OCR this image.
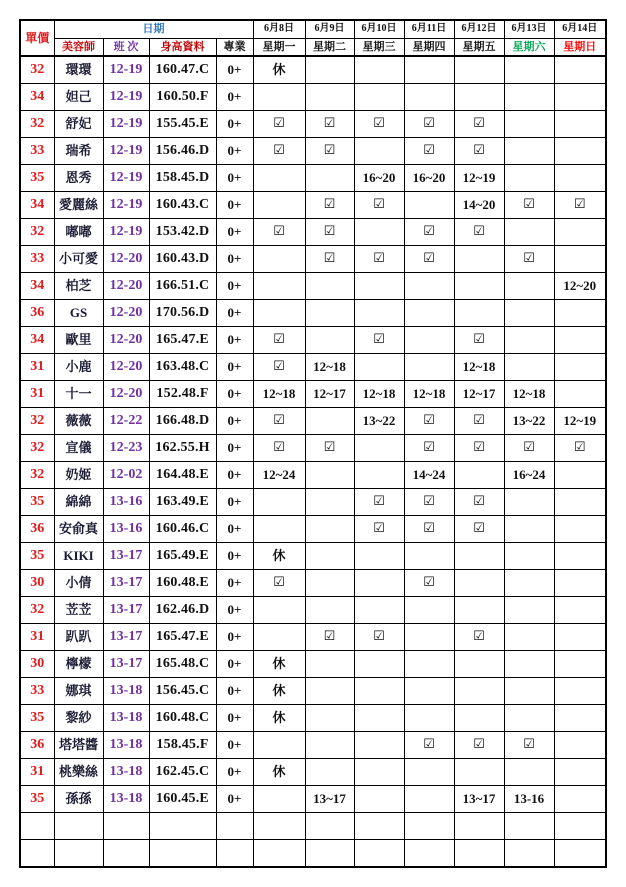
單價	日期				6月8日	6月9日	6月10日	6月11日	6月12日	6月13日	6月14日
	美容師	班 次	身高資料	專業	星期一	星期二	星期三	星期四	星期五	星期六	星期日
32	環環	12-19	160.47.C	0+	休						
34	妲己	12-19	160.50.F	0+							
32	舒妃	12-19	155.45.E	0+	☑	☑	☑	☑	☑		
33	瑞希	12-19	156.46.D	0+	☑	☑		☑	☑		
35	恩秀	12-19	158.45.D	0+			16~20	16~20	12~19		
34	愛麗絲	12-19	160.43.C	0+		☑	☑		14~20	☑	☑
32	嘟嘟	12-19	153.42.D	0+	☑	☑		☑	☑		
33	小可愛	12-20	160.43.D	0+		☑	☑	☑		☑	
34	柏芝	12-20	166.51.C	0+							12~20
36	GS	12-20	170.56.D	0+							
34	歐里	12-20	165.47.E	0+	☑		☑		☑		
31	小鹿	12-20	163.48.C	0+	☑	12~18			12~18		
31	十一	12-20	152.48.F	0+	12~18	12~17	12~18	12~18	12~17	12~18	
32	薇薇	12-22	166.48.D	0+	☑		13~22	☑	☑	13~22	12~19
32	宣儀	12-23	162.55.H	0+	☑	☑		☑	☑	☑	☑
32	奶姬	12-02	164.48.E	0+	12~24			14~24		16~24	
35	綿綿	13-16	163.49.E	0+			☑	☑	☑		
36	安俞真	13-16	160.46.C	0+			☑	☑	☑		
35	KIKI	13-17	165.49.E	0+	休						
30	小倩	13-17	160.48.E	0+	☑			☑			
32	苙苙	13-17	162.46.D	0+							
31	趴趴	13-17	165.47.E	0+		☑	☑		☑		
30	檸檬	13-17	165.48.C	0+	休						
33	娜琪	13-18	156.45.C	0+	休						
35	黎紗	13-18	160.48.C	0+	休						
36	塔塔醬	13-18	158.45.F	0+				☑	☑	☑	
31	桃樂絲	13-18	162.45.C	0+	休						
35	孫孫	13-18	160.45.E	0+		13~17			13~17	13-16	
